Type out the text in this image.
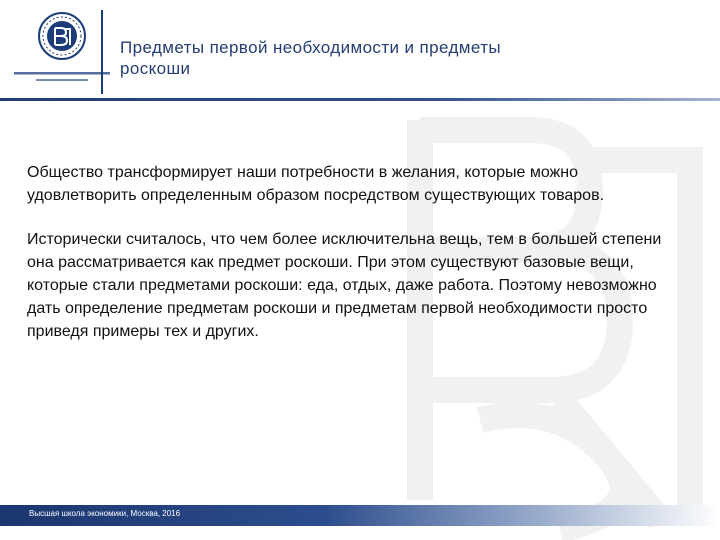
Предметы первой необходимости и предметы роскоши

Общество трансформирует наши потребности в желания, которые можно удовлетворить определенным образом посредством существующих товаров.

Исторически считалось, что чем более исключительна вещь, тем в большей степени она рассматривается как предмет роскоши. При этом существуют базовые вещи, которые стали предметами роскоши: еда, отдых, даже работа. Поэтому невозможно дать определение предметам роскоши и предметам первой необходимости просто приведя примеры тех и других.

Высшая школа экономики, Москва, 2016
